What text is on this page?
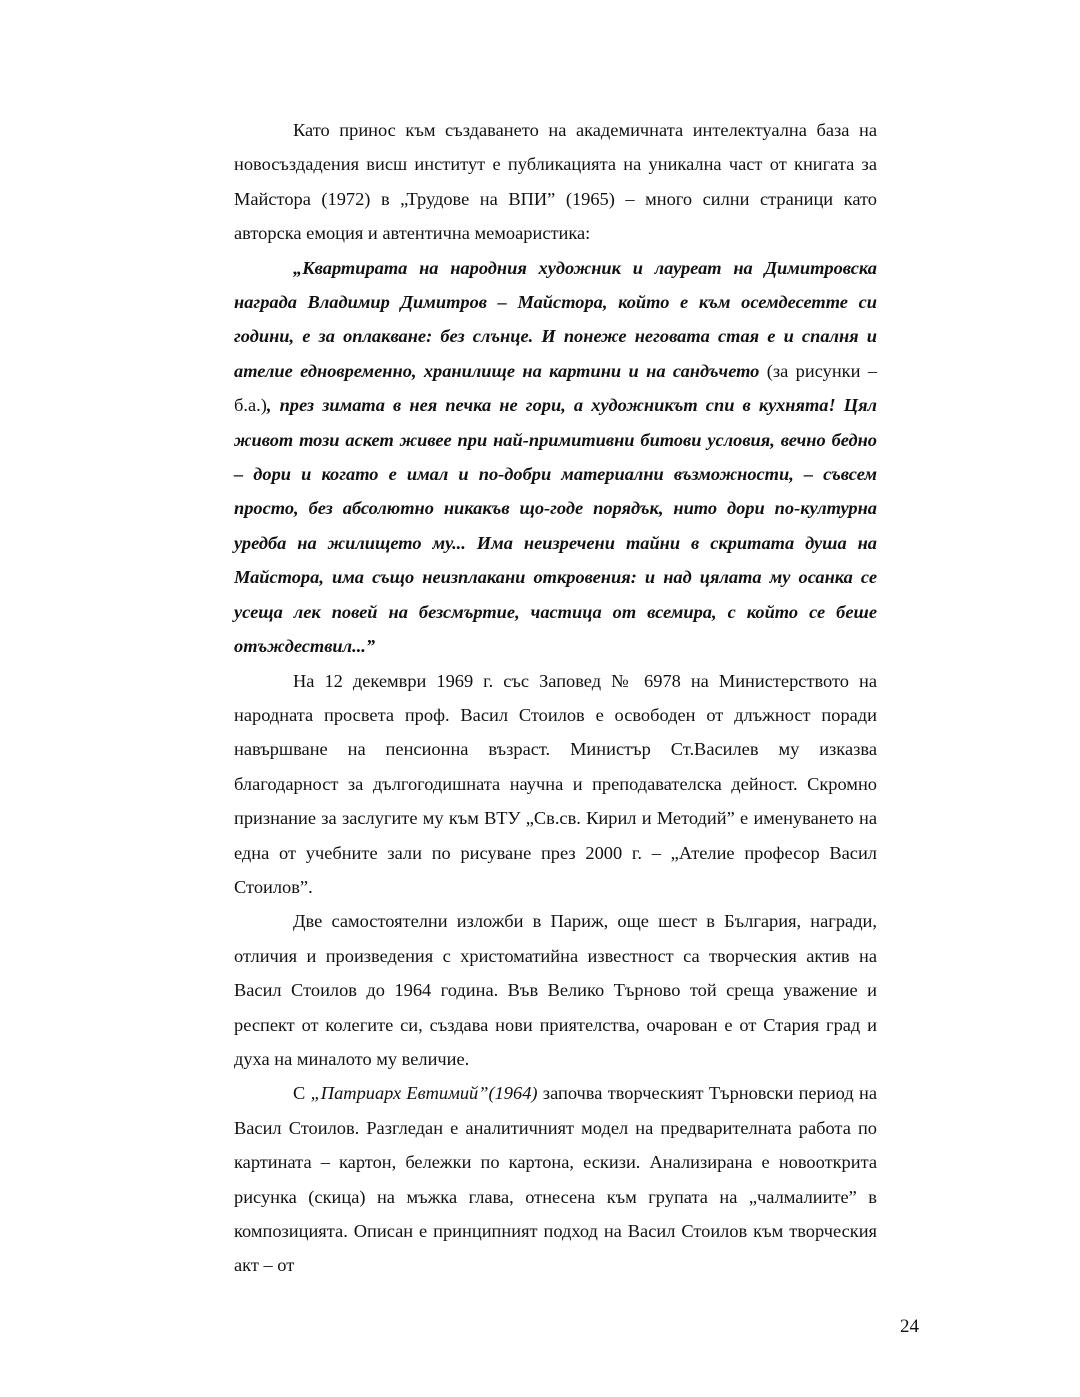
Като принос към създаването на академичната интелектуална база на новосъздадения висш институт е публикацията на уникална част от книгата за Майстора (1972) в „Трудове на ВПИ” (1965) – много силни страници като авторска емоция и автентична мемоаристика:

„Квартирата на народния художник и лауреат на Димитровска награда Владимир Димитров – Майстора, който е към осемдесетте си години, е за оплакване: без слънце. И понеже неговата стая е и спалня и ателие едновременно, хранилище на картини и на сандъчето (за рисунки – б.а.), през зимата в нея печка не гори, а художникът спи в кухнята! Цял живот този аскет живее при най-примитивни битови условия, вечно бедно – дори и когато е имал и по-добри материални възможности, – съвсем просто, без абсолютно никакъв що-годе порядък, нито дори по-културна уредба на жилището му... Има неизречени тайни в скритата душа на Майстора, има също неизплакани откровения: и над цялата му осанка се усеща лек повей на безсмъртие, частица от всемира, с който се беше отъждествил...”

На 12 декември 1969 г. със Заповед № 6978 на Министерството на народната просвета проф. Васил Стоилов е освободен от длъжност поради навършване на пенсионна възраст. Министър Ст.Василев му изказва благодарност за дългогодишната научна и преподавателска дейност. Скромно признание за заслугите му към ВТУ „Св.св. Кирил и Методий” е именуването на една от учебните зали по рисуване през 2000 г. – „Ателие професор Васил Стоилов”.

Две самостоятелни изложби в Париж, още шест в България, награди, отличия и произведения с христоматийна известност са творческия актив на Васил Стоилов до 1964 година. Във Велико Търново той среща уважение и респект от колегите си, създава нови приятелства, очарован е от Стария град и духа на миналото му величие.

С „Патриарх Евтимий”(1964) започва творческият Търновски период на Васил Стоилов. Разгледан е аналитичният модел на предварителната работа по картината – картон, бележки по картона, ескизи. Анализирана е новооткрита рисунка (скица) на мъжка глава, отнесена към групата на „чалмалиите” в композицията. Описан е принципният подход на Васил Стоилов към творческия акт – от

24
